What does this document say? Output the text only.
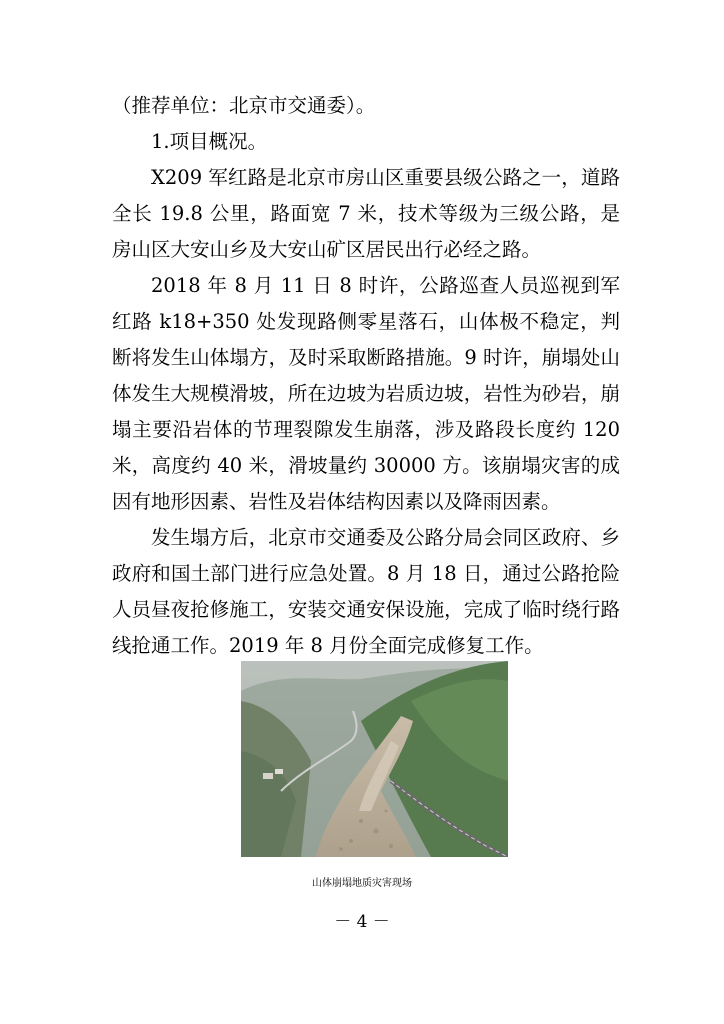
（推荐单位：北京市交通委）。

1.项目概况。

X209 军红路是北京市房山区重要县级公路之一，道路全长 19.8 公里，路面宽 7 米，技术等级为三级公路，是房山区大安山乡及大安山矿区居民出行必经之路。

2018 年 8 月 11 日 8 时许，公路巡查人员巡视到军红路 k18+350 处发现路侧零星落石，山体极不稳定，判断将发生山体塌方，及时采取断路措施。9 时许，崩塌处山体发生大规模滑坡，所在边坡为岩质边坡，岩性为砂岩，崩塌主要沿岩体的节理裂隙发生崩落，涉及路段长度约 120 米，高度约 40 米，滑坡量约 30000 方。该崩塌灾害的成因有地形因素、岩性及岩体结构因素以及降雨因素。

发生塌方后，北京市交通委及公路分局会同区政府、乡政府和国土部门进行应急处置。8 月 18 日，通过公路抢险人员昼夜抢修施工，安装交通安保设施，完成了临时绕行路线抢通工作。2019 年 8 月份全面完成修复工作。

山体崩塌地质灾害现场
－ 4 －
